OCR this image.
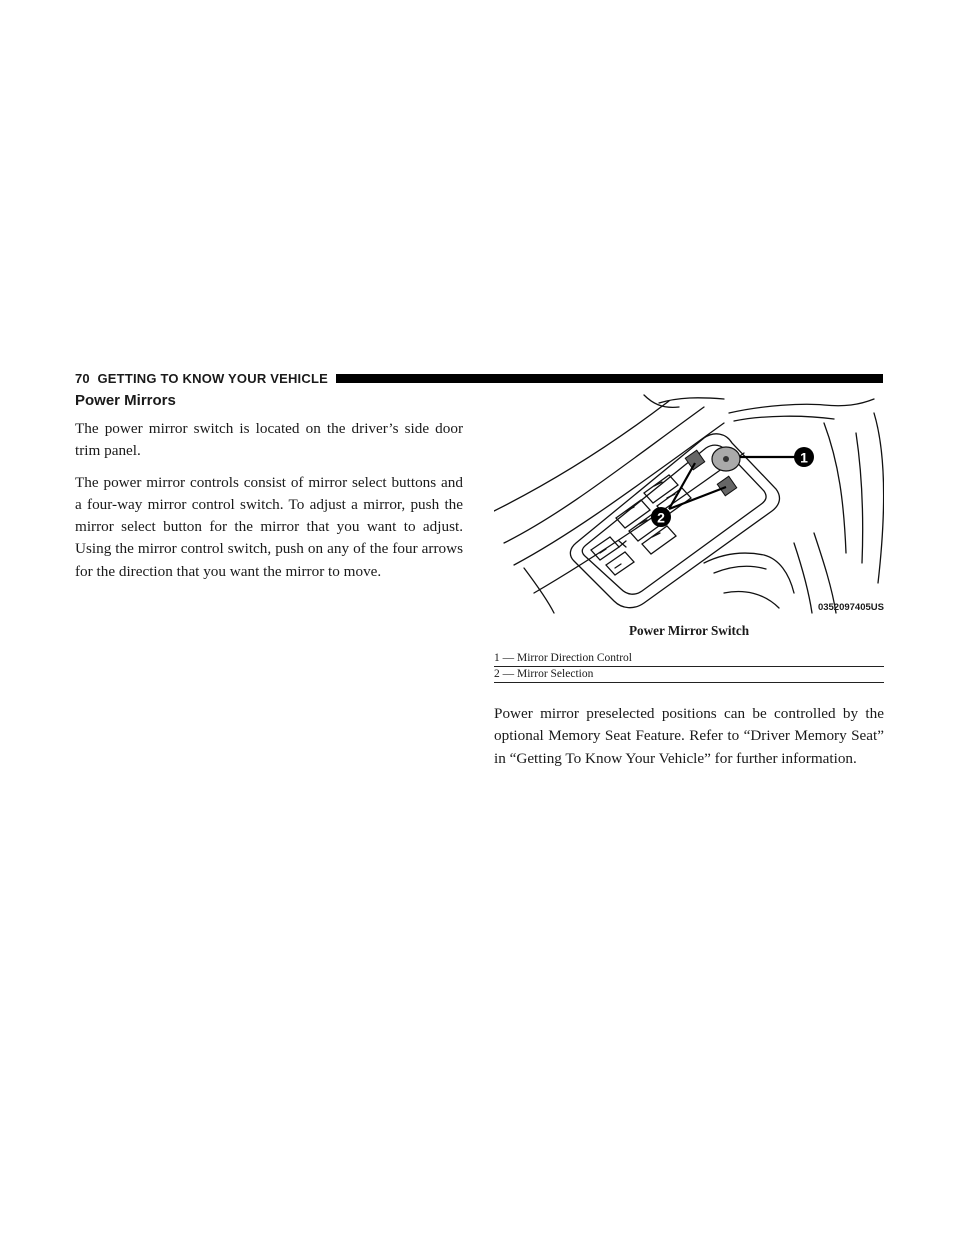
70 GETTING TO KNOW YOUR VEHICLE
Power Mirrors

The power mirror switch is located on the driver’s side door trim panel.

The power mirror controls consist of mirror select buttons and a four-way mirror control switch. To adjust a mirror, push the mirror select button for the mirror that you want to adjust. Using the mirror control switch, push on any of the four arrows for the direction that you want the mirror to move.

1
2
0352097405US
Power Mirror Switch
1 — Mirror Direction Control
2 — Mirror Selection

Power mirror preselected positions can be controlled by the optional Memory Seat Feature. Refer to “Driver Memory Seat” in “Getting To Know Your Vehicle” for further information.
